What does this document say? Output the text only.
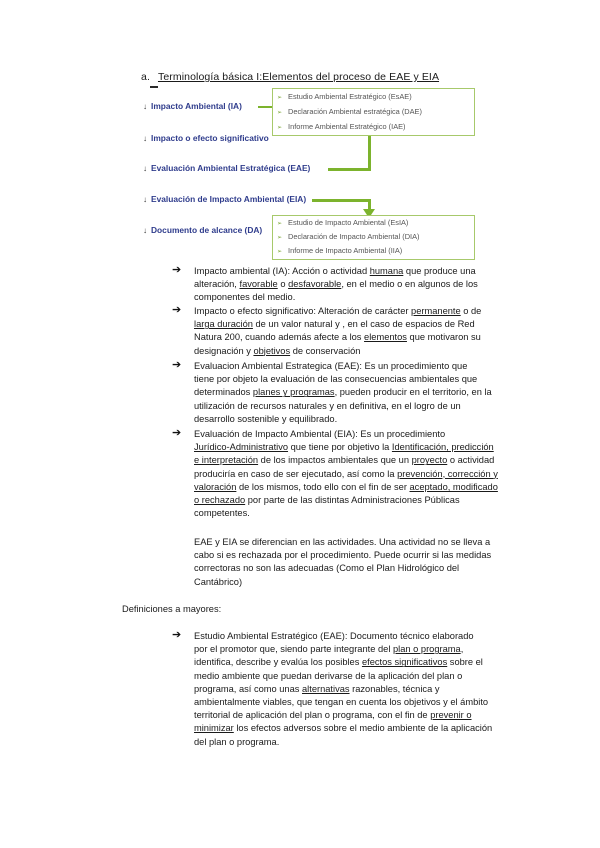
a. Terminología básica I:Elementos del proceso de EAE y EIA
↓ Impacto Ambiental (IA)
↓ Impacto o efecto significativo
↓ Evaluación Ambiental Estratégica (EAE)
↓ Evaluación de Impacto Ambiental (EIA)
↓ Documento de alcance (DA)
➢ Estudio Ambiental Estratégico (EsAE)
➢ Declaración Ambiental estratégica (DAE)
➢ Informe Ambiental Estratégico (IAE)
➢ Estudio de Impacto Ambiental (EsIA)
➢ Declaración de Impacto Ambiental (DIA)
➢ Informe de Impacto Ambiental (IIA)
➔ Impacto ambiental (IA): Acción o actividad humana que produce una
alteración, favorable o desfavorable, en el medio o en algunos de los
componentes del medio.
➔ Impacto o efecto significativo: Alteración de carácter permanente o de
larga duración de un valor natural y , en el caso de espacios de Red
Natura 200, cuando además afecte a los elementos que motivaron su
designación y objetivos de conservación
➔ Evaluacion Ambiental Estrategica (EAE): Es un procedimiento que
tiene por objeto la evaluación de las consecuencias ambientales que
determinados planes y programas, pueden producir en el territorio, en la
utilización de recursos naturales y en definitiva, en el logro de un
desarrollo sostenible y equilibrado.
➔ Evaluación de Impacto Ambiental (EIA): Es un procedimiento
Jurídico-Administrativo que tiene por objetivo la Identificación, predicción
e interpretación de los impactos ambientales que un proyecto o actividad
produciría en caso de ser ejecutado, así como la prevención, corrección y
valoración de los mismos, todo ello con el fin de ser aceptado, modificado
o rechazado por parte de las distintas Administraciones Públicas
competentes.
EAE y EIA se diferencian en las actividades. Una actividad no se lleva a
cabo si es rechazada por el procedimiento. Puede ocurrir si las medidas
correctoras no son las adecuadas (Como el Plan Hidrológico del
Cantábrico)
Definiciones a mayores:
➔ Estudio Ambiental Estratégico (EAE): Documento técnico elaborado
por el promotor que, siendo parte integrante del plan o programa,
identifica, describe y evalúa los posibles efectos significativos sobre el
medio ambiente que puedan derivarse de la aplicación del plan o
programa, así como unas alternativas razonables, técnica y
ambientalmente viables, que tengan en cuenta los objetivos y el ámbito
territorial de aplicación del plan o programa, con el fin de prevenir o
minimizar los efectos adversos sobre el medio ambiente de la aplicación
del plan o programa.
